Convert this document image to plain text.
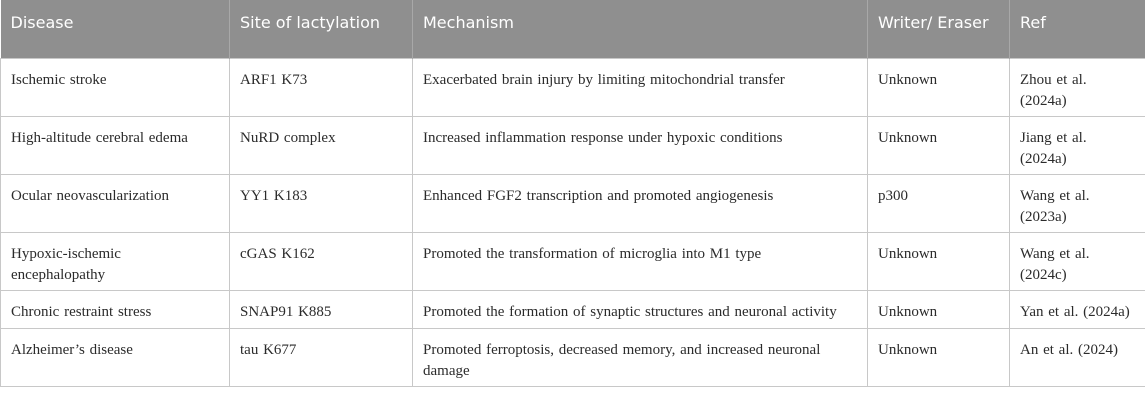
Disease	Site of lactylation	Mechanism	Writer/ Eraser	Ref
Ischemic stroke	ARF1 K73	Exacerbated brain injury by limiting mitochondrial transfer	Unknown	Zhou et al. (2024a)
High-altitude cerebral edema	NuRD complex	Increased inflammation response under hypoxic conditions	Unknown	Jiang et al. (2024a)
Ocular neovascularization	YY1 K183	Enhanced FGF2 transcription and promoted angiogenesis	p300	Wang et al. (2023a)
Hypoxic-ischemic encephalopathy	cGAS K162	Promoted the transformation of microglia into M1 type	Unknown	Wang et al. (2024c)
Chronic restraint stress	SNAP91 K885	Promoted the formation of synaptic structures and neuronal activity	Unknown	Yan et al. (2024a)
Alzheimer’s disease	tau K677	Promoted ferroptosis, decreased memory, and increased neuronal damage	Unknown	An et al. (2024)
